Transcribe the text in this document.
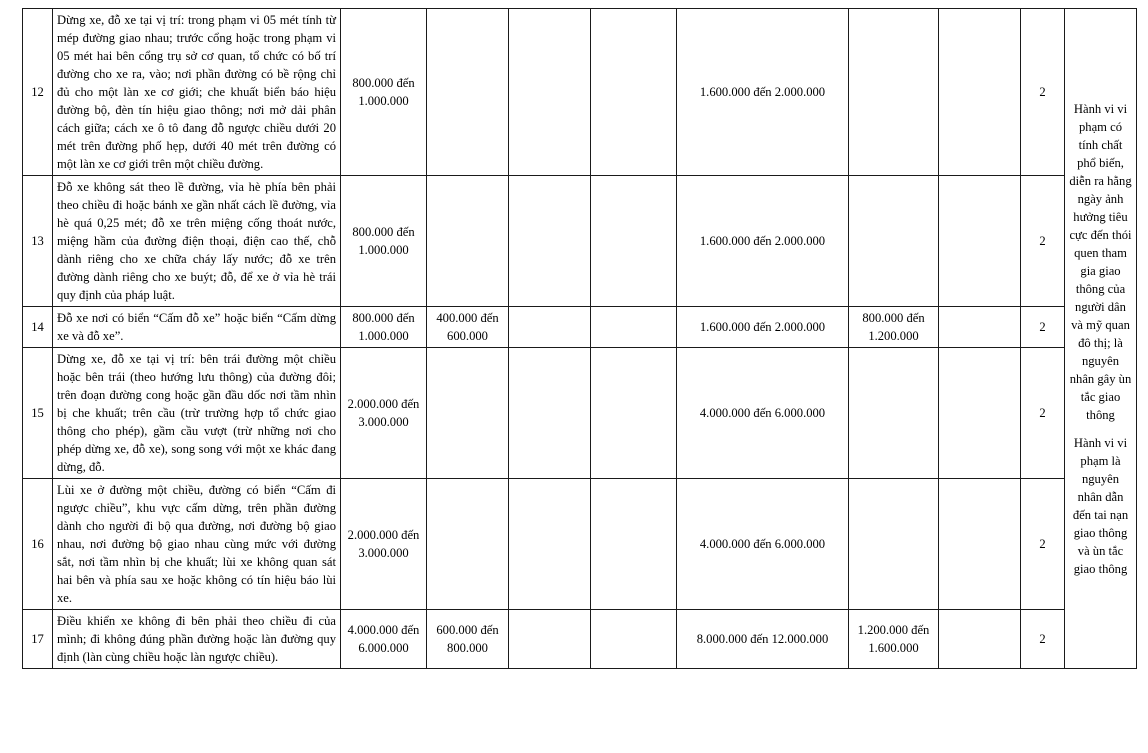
12	Dừng xe, đỗ xe tại vị trí: trong phạm vi 05 mét tính từ mép đường giao nhau; trước cổng hoặc trong phạm vi 05 mét hai bên cổng trụ sở cơ quan, tổ chức có bố trí đường cho xe ra, vào; nơi phần đường có bề rộng chỉ đủ cho một làn xe cơ giới; che khuất biển báo hiệu đường bộ, đèn tín hiệu giao thông; nơi mở dải phân cách giữa; cách xe ô tô đang đỗ ngược chiều dưới 20 mét trên đường phố hẹp, dưới 40 mét trên đường có một làn xe cơ giới trên một chiều đường.	800.000 đến 1.000.000				1.600.000 đến 2.000.000			2	
Hành vi vi phạm có tính chất phổ biến, diễn ra hằng ngày ảnh hưởng tiêu cực đến thói quen tham gia giao thông của người dân và mỹ quan đô thị; là nguyên nhân gây ùn tắc giao thông
Hành vi vi phạm là nguyên nhân dẫn đến tai nạn giao thông và ùn tắc giao thông

13	Đỗ xe không sát theo lề đường, vỉa hè phía bên phải theo chiều đi hoặc bánh xe gần nhất cách lề đường, vỉa hè quá 0,25 mét; đỗ xe trên miệng cống thoát nước, miệng hầm của đường điện thoại, điện cao thế, chỗ dành riêng cho xe chữa cháy lấy nước; đỗ xe trên đường dành riêng cho xe buýt; đỗ, để xe ở vỉa hè trái quy định của pháp luật.	800.000 đến 1.000.000				1.600.000 đến 2.000.000			2	
14	Đỗ xe nơi có biển “Cấm đỗ xe” hoặc biển “Cấm dừng xe và đỗ xe”.	800.000 đến 1.000.000	400.000 đến 600.000			1.600.000 đến 2.000.000	800.000 đến 1.200.000		2	
15	Dừng xe, đỗ xe tại vị trí: bên trái đường một chiều hoặc bên trái (theo hướng lưu thông) của đường đôi; trên đoạn đường cong hoặc gần đầu dốc nơi tầm nhìn bị che khuất; trên cầu (trừ trường hợp tổ chức giao thông cho phép), gầm cầu vượt (trừ những nơi cho phép dừng xe, đỗ xe), song song với một xe khác đang dừng, đỗ.	2.000.000 đến 3.000.000				4.000.000 đến 6.000.000			2	
16	Lùi xe ở đường một chiều, đường có biển “Cấm đi ngược chiều”, khu vực cấm dừng, trên phần đường dành cho người đi bộ qua đường, nơi đường bộ giao nhau, nơi đường bộ giao nhau cùng mức với đường sắt, nơi tầm nhìn bị che khuất; lùi xe không quan sát hai bên và phía sau xe hoặc không có tín hiệu báo lùi xe.	2.000.000 đến 3.000.000				4.000.000 đến 6.000.000			2	
17	Điều khiển xe không đi bên phải theo chiều đi của mình; đi không đúng phần đường hoặc làn đường quy định (làn cùng chiều hoặc làn ngược chiều).	4.000.000 đến 6.000.000	600.000 đến 800.000			8.000.000 đến 12.000.000	1.200.000 đến 1.600.000		2	
